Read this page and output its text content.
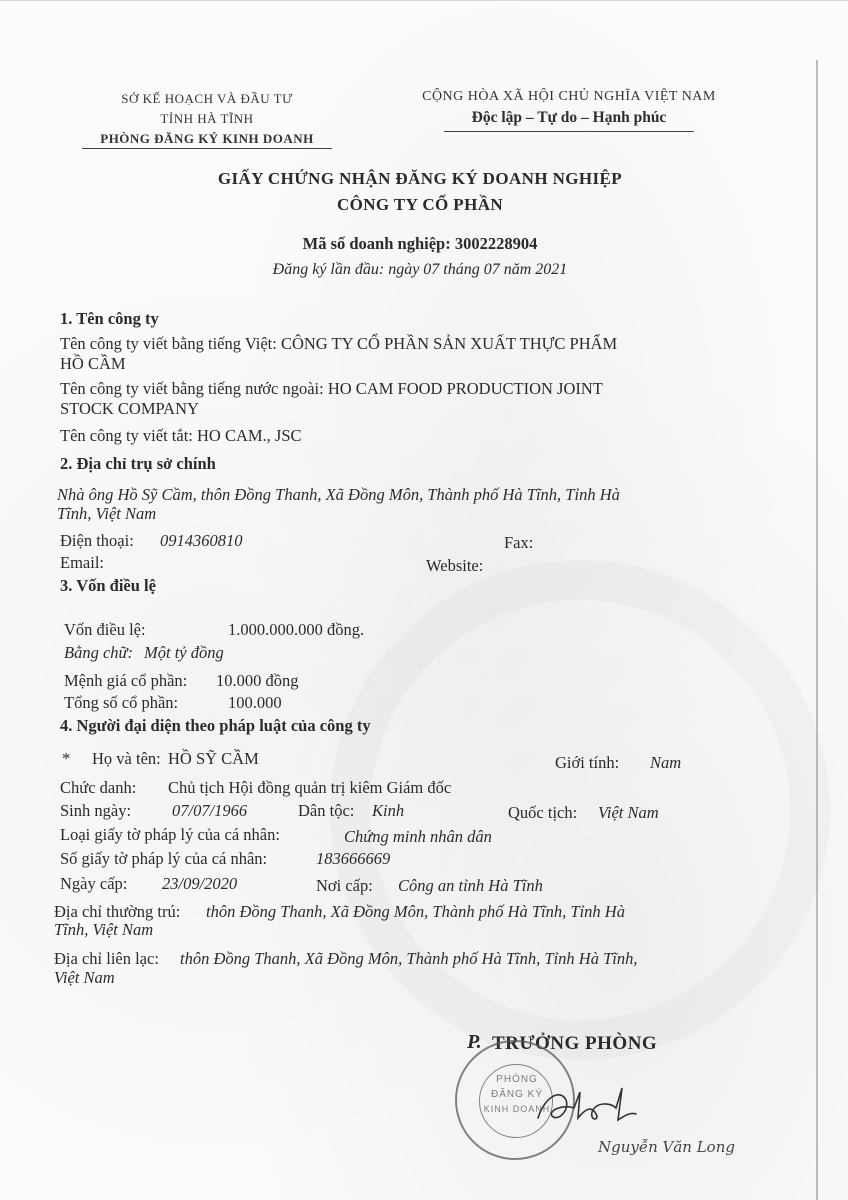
SỞ KẾ HOẠCH VÀ ĐẦU TƯ
TỈNH HÀ TĨNH
PHÒNG ĐĂNG KÝ KINH DOANH
CỘNG HÒA XÃ HỘI CHỦ NGHĨA VIỆT NAM
Độc lập – Tự do – Hạnh phúc
GIẤY CHỨNG NHẬN ĐĂNG KÝ DOANH NGHIỆP
CÔNG TY CỔ PHẦN
Mã số doanh nghiệp: 3002228904
Đăng ký lần đầu: ngày 07 tháng 07 năm 2021
1. Tên công ty
Tên công ty viết bằng tiếng Việt: CÔNG TY CỔ PHẦN SẢN XUẤT THỰC PHẨM
HỒ CẦM
Tên công ty viết bằng tiếng nước ngoài: HO CAM FOOD PRODUCTION JOINT
STOCK COMPANY
Tên công ty viết tắt: HO CAM., JSC
2. Địa chỉ trụ sở chính
Nhà ông Hồ Sỹ Cầm, thôn Đồng Thanh, Xã Đồng Môn, Thành phố Hà Tĩnh, Tỉnh Hà
Tĩnh, Việt Nam
Điện thoại: 0914360810	Fax:
Email:	Website:
3. Vốn điều lệ
Vốn điều lệ:	1.000.000.000 đồng.
Bằng chữ: Một tỷ đồng
Mệnh giá cổ phần: 10.000 đồng
Tổng số cổ phần:	100.000
4. Người đại diện theo pháp luật của công ty
* Họ và tên: HỒ SỸ CẦM	Giới tính: Nam
Chức danh: Chủ tịch Hội đồng quản trị kiêm Giám đốc
Sinh ngày: 07/07/1966	Dân tộc: Kinh	Quốc tịch: Việt Nam
Loại giấy tờ pháp lý của cá nhân:	Chứng minh nhân dân
Số giấy tờ pháp lý của cá nhân:	183666669
Ngày cấp: 23/09/2020	Nơi cấp: Công an tỉnh Hà Tĩnh
Địa chỉ thường trú: thôn Đồng Thanh, Xã Đồng Môn, Thành phố Hà Tĩnh, Tỉnh Hà
Tĩnh, Việt Nam
Địa chỉ liên lạc: thôn Đồng Thanh, Xã Đồng Môn, Thành phố Hà Tĩnh, Tỉnh Hà Tĩnh,
Việt Nam
P. TRƯỞNG PHÒNG
PHÒNG
ĐĂNG KÝ
KINH DOANH
Nguyễn Văn Long
